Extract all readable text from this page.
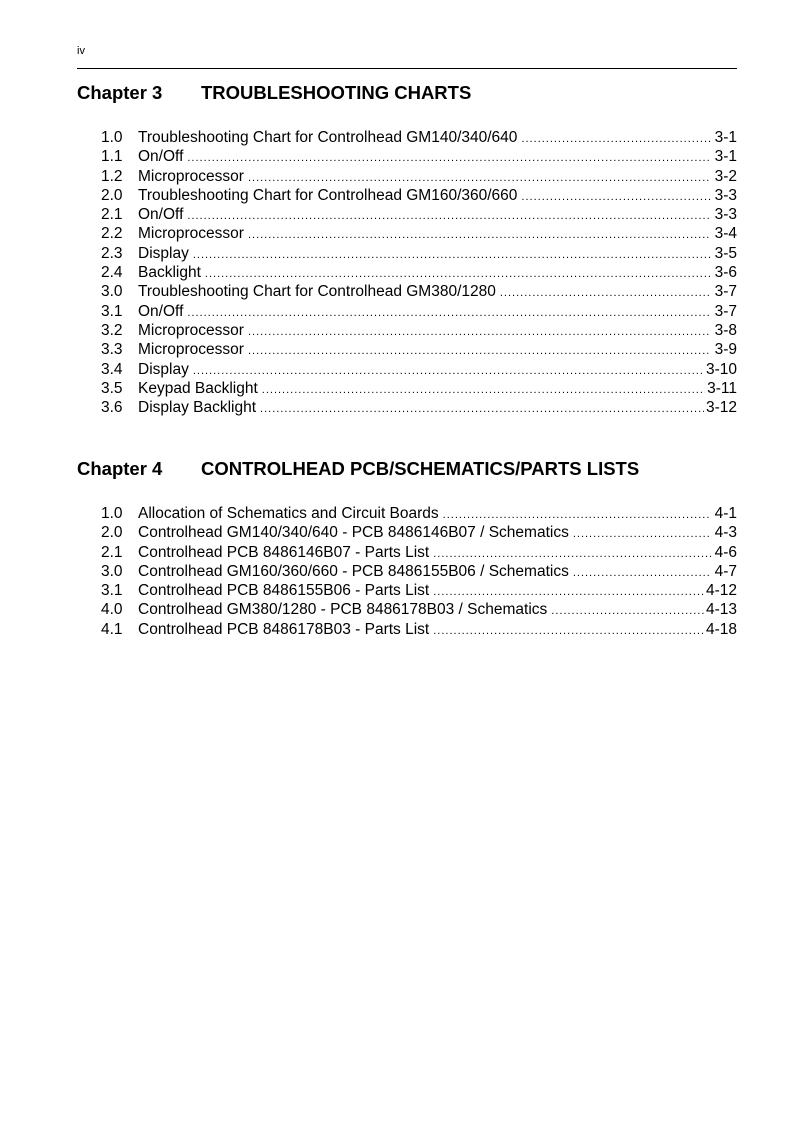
iv
Chapter 3	TROUBLESHOOTING CHARTS
1.0 Troubleshooting Chart for Controlhead GM140/340/640 .....	3-1
1.1 On/Off .....	3-1
1.2 Microprocessor .....	3-2
2.0 Troubleshooting Chart for Controlhead GM160/360/660 .....	3-3
2.1 On/Off .....	3-3
2.2 Microprocessor .....	3-4
2.3 Display .....	3-5
2.4 Backlight .....	3-6
3.0 Troubleshooting Chart for Controlhead GM380/1280 .....	3-7
3.1 On/Off .....	3-7
3.2 Microprocessor .....	3-8
3.3 Microprocessor .....	3-9
3.4 Display .....	3-10
3.5 Keypad Backlight .....	3-11
3.6 Display Backlight .....	3-12
Chapter 4	CONTROLHEAD PCB/SCHEMATICS/PARTS LISTS
1.0 Allocation of Schematics and Circuit Boards .....	4-1
2.0 Controlhead GM140/340/640 - PCB 8486146B07 / Schematics .....	4-3
2.1 Controlhead PCB 8486146B07 - Parts List .....	4-6
3.0 Controlhead GM160/360/660 - PCB 8486155B06 / Schematics .....	4-7
3.1 Controlhead PCB 8486155B06 - Parts List .....	4-12
4.0 Controlhead GM380/1280 - PCB 8486178B03 / Schematics .....	4-13
4.1 Controlhead PCB 8486178B03 - Parts List .....	4-18
